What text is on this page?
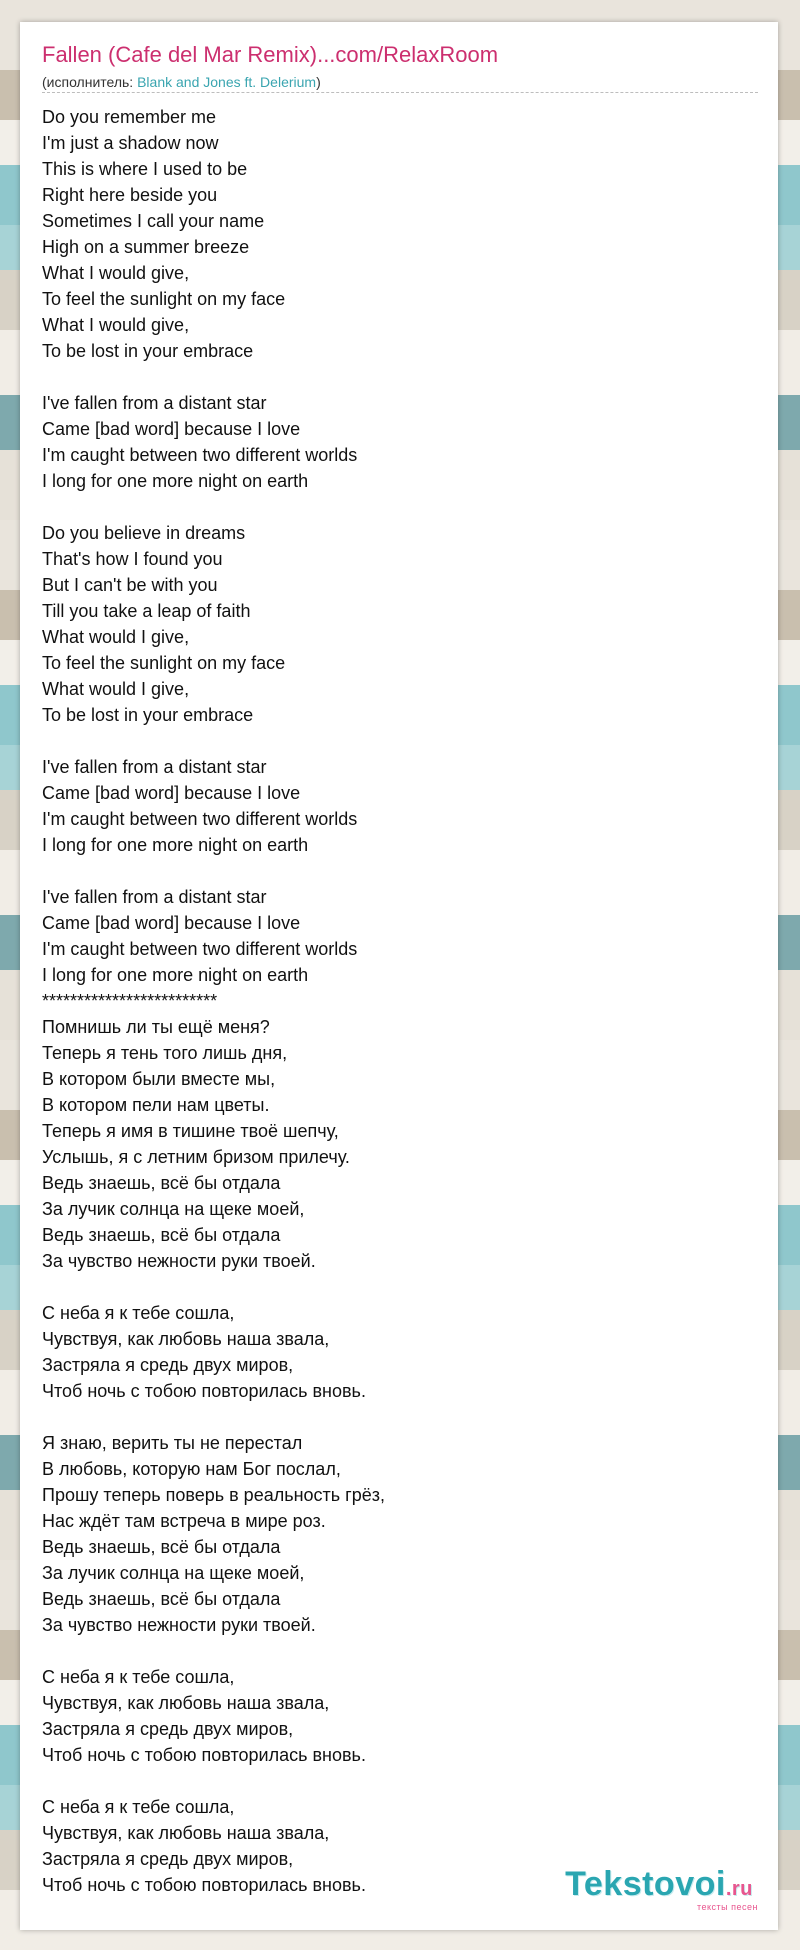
Fallen (Cafe del Mar Remix)...com/RelaxRoom
(исполнитель: Blank and Jones ft. Delerium)
Do you remember me
I'm just a shadow now
This is where I used to be
Right here beside you
Sometimes I call your name
High on a summer breeze
What I would give,
To feel the sunlight on my face
What I would give,
To be lost in your embrace

I've fallen from a distant star
Came [bad word] because I love
I'm caught between two different worlds
I long for one more night on earth

Do you believe in dreams
That's how I found you
But I can't be with you
Till you take a leap of faith
What would I give,
To feel the sunlight on my face
What would I give,
To be lost in your embrace

I've fallen from a distant star
Came [bad word] because I love
I'm caught between two different worlds
I long for one more night on earth

I've fallen from a distant star
Came [bad word] because I love
I'm caught between two different worlds
I long for one more night on earth
*************************
Помнишь ли ты ещё меня?
Теперь я тень того лишь дня,
В котором были вместе мы,
В котором пели нам цветы.
Теперь я имя в тишине твоё шепчу,
Услышь, я с летним бризом прилечу.
Ведь знаешь, всё бы отдала
За лучик солнца на щеке моей,
Ведь знаешь, всё бы отдала
За чувство нежности руки твоей.

С неба я к тебе сошла,
Чувствуя, как любовь наша звала,
Застряла я средь двух миров,
Чтоб ночь с тобою повторилась вновь.

Я знаю, верить ты не перестал
В любовь, которую нам Бог послал,
Прошу теперь поверь в реальность грёз,
Нас ждёт там встреча в мире роз.
Ведь знаешь, всё бы отдала
За лучик солнца на щеке моей,
Ведь знаешь, всё бы отдала
За чувство нежности руки твоей.

С неба я к тебе сошла,
Чувствуя, как любовь наша звала,
Застряла я средь двух миров,
Чтоб ночь с тобою повторилась вновь.

С неба я к тебе сошла,
Чувствуя, как любовь наша звала,
Застряла я средь двух миров,
Чтоб ночь с тобою повторилась вновь.	Tekstovoi.ru
тексты песен
